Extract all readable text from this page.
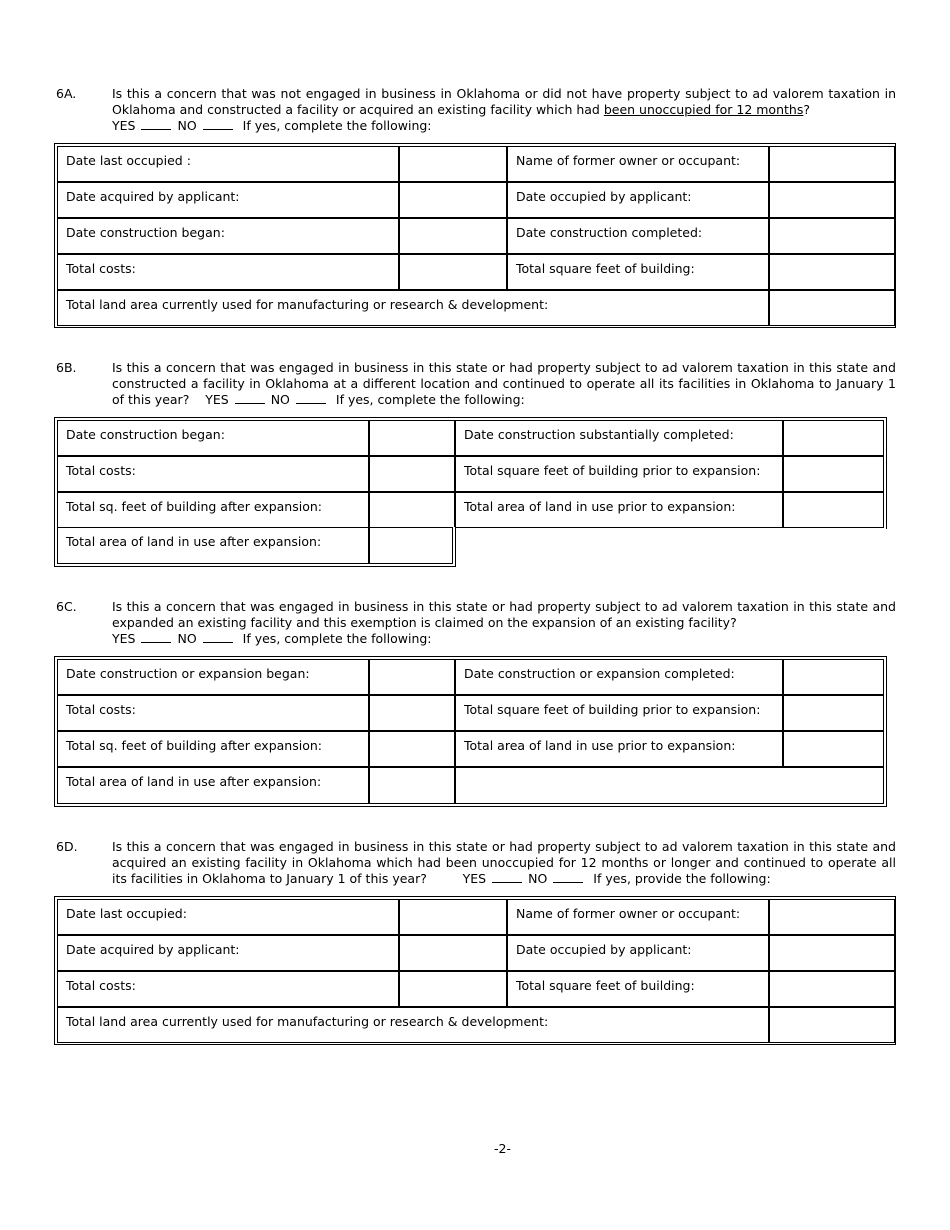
6A.	Is this a concern that was not engaged in business in Oklahoma or did not have property subject to ad valorem taxation in Oklahoma and constructed a facility or acquired an existing facility which had been unoccupied for 12 months?
YES	NO	If yes, complete the following:
Date last occupied :	Name of former owner or occupant:
Date acquired by applicant:	Date occupied by applicant:
Date construction began:	Date construction completed:
Total costs:	Total square feet of building:
Total land area currently used for manufacturing or research & development:
6B.	Is this a concern that was engaged in business in this state or had property subject to ad valorem taxation in this state and constructed a facility in Oklahoma at a different location and continued to operate all its facilities in Oklahoma to January 1 of this year? YES	NO	If yes, complete the following:
Date construction began:	Date construction substantially completed:
Total costs:	Total square feet of building prior to expansion:
Total sq. feet of building after expansion:	Total area of land in use prior to expansion:
Total area of land in use after expansion:
6C.	Is this a concern that was engaged in business in this state or had property subject to ad valorem taxation in this state and expanded an existing facility and this exemption is claimed on the expansion of an existing facility?
YES	NO	If yes, complete the following:
Date construction or expansion began:	Date construction or expansion completed:
Total costs:	Total square feet of building prior to expansion:
Total sq. feet of building after expansion:	Total area of land in use prior to expansion:
Total area of land in use after expansion:
6D.	Is this a concern that was engaged in business in this state or had property subject to ad valorem taxation in this state and acquired an existing facility in Oklahoma which had been unoccupied for 12 months or longer and continued to operate all its facilities in Oklahoma to January 1 of this year?	YES	NO	If yes, provide the following:
Date last occupied:	Name of former owner or occupant:
Date acquired by applicant:	Date occupied by applicant:
Total costs:	Total square feet of building:
Total land area currently used for manufacturing or research & development:
-2-
